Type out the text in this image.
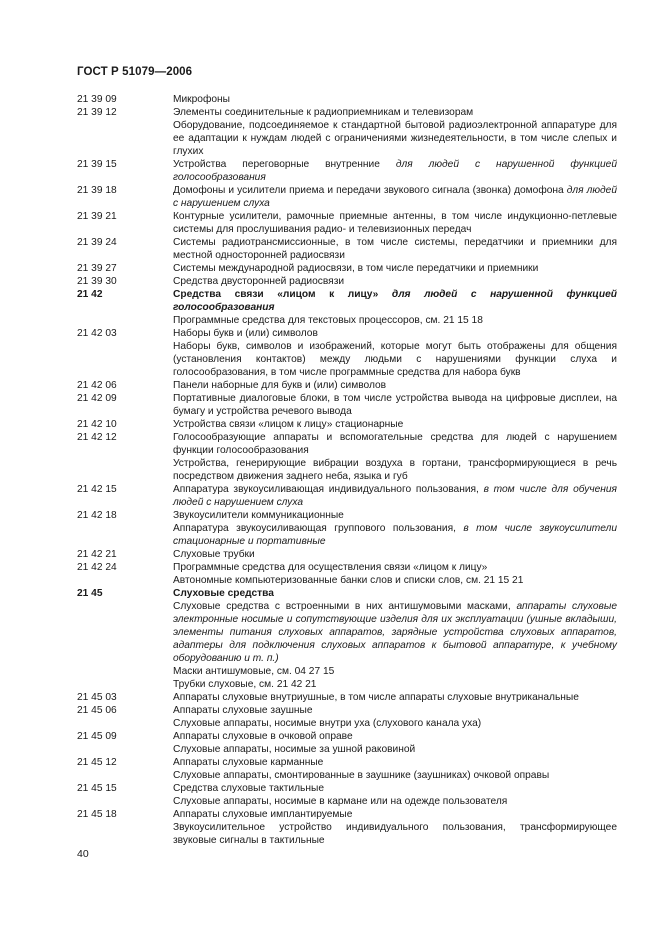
ГОСТ Р 51079—2006
21 39 09	Микрофоны
21 39 12	Элементы соединительные к радиоприемникам и телевизорам
Оборудование, подсоединяемое к стандартной бытовой радиоэлектронной аппаратуре для ее адаптации к нуждам людей с ограничениями жизнедеятельности, в том числе слепых и глухих
21 39 15	Устройства переговорные внутренние для людей с нарушенной функцией голосообразования
21 39 18	Домофоны и усилители приема и передачи звукового сигнала (звонка) домофона для людей с нарушением слуха
21 39 21	Контурные усилители, рамочные приемные антенны, в том числе индукционно-петлевые системы для прослушивания радио- и телевизионных передач
21 39 24	Системы радиотрансмиссионные, в том числе системы, передатчики и приемники для местной односторонней радиосвязи
21 39 27	Системы международной радиосвязи, в том числе передатчики и приемники
21 39 30	Средства двусторонней радиосвязи
21 42	Средства связи «лицом к лицу» для людей с нарушенной функцией голосообразования
Программные средства для текстовых процессоров, см. 21 15 18
21 42 03	Наборы букв и (или) символов
Наборы букв, символов и изображений, которые могут быть отображены для общения (установления контактов) между людьми с нарушениями функции слуха и голосообразования, в том числе программные средства для набора букв
21 42 06	Панели наборные для букв и (или) символов
21 42 09	Портативные диалоговые блоки, в том числе устройства вывода на цифровые дисплеи, на бумагу и устройства речевого вывода
21 42 10	Устройства связи «лицом к лицу» стационарные
21 42 12	Голосообразующие аппараты и вспомогательные средства для людей с нарушением функции голосообразования
Устройства, генерирующие вибрации воздуха в гортани, трансформирующиеся в речь посредством движения заднего неба, языка и губ
21 42 15	Аппаратура звукоусиливающая индивидуального пользования, в том числе для обучения людей с нарушением слуха
21 42 18	Звукоусилители коммуникационные
Аппаратура звукоусиливающая группового пользования, в том числе звукоусилители стационарные и портативные
21 42 21	Слуховые трубки
21 42 24	Программные средства для осуществления связи «лицом к лицу»
Автономные компьютеризованные банки слов и списки слов, см. 21 15 21
21 45	Слуховые средства
Слуховые средства с встроенными в них антишумовыми масками, аппараты слуховые электронные носимые и сопутствующие изделия для их эксплуатации (ушные вкладыши, элементы питания слуховых аппаратов, зарядные устройства слуховых аппаратов, адаптеры для подключения слуховых аппаратов к бытовой аппаратуре, к учебному оборудованию и т. п.)
Маски антишумовые, см. 04 27 15
Трубки слуховые, см. 21 42 21
21 45 03	Аппараты слуховые внутриушные, в том числе аппараты слуховые внутриканальные
21 45 06	Аппараты слуховые заушные
Слуховые аппараты, носимые внутри уха (слухового канала уха)
21 45 09	Аппараты слуховые в очковой оправе
Слуховые аппараты, носимые за ушной раковиной
21 45 12	Аппараты слуховые карманные
Слуховые аппараты, смонтированные в заушнике (заушниках) очковой оправы
21 45 15	Средства слуховые тактильные
Слуховые аппараты, носимые в кармане или на одежде пользователя
21 45 18	Аппараты слуховые имплантируемые
Звукоусилительное устройство индивидуального пользования, трансформирующее звуковые сигналы в тактильные
40
